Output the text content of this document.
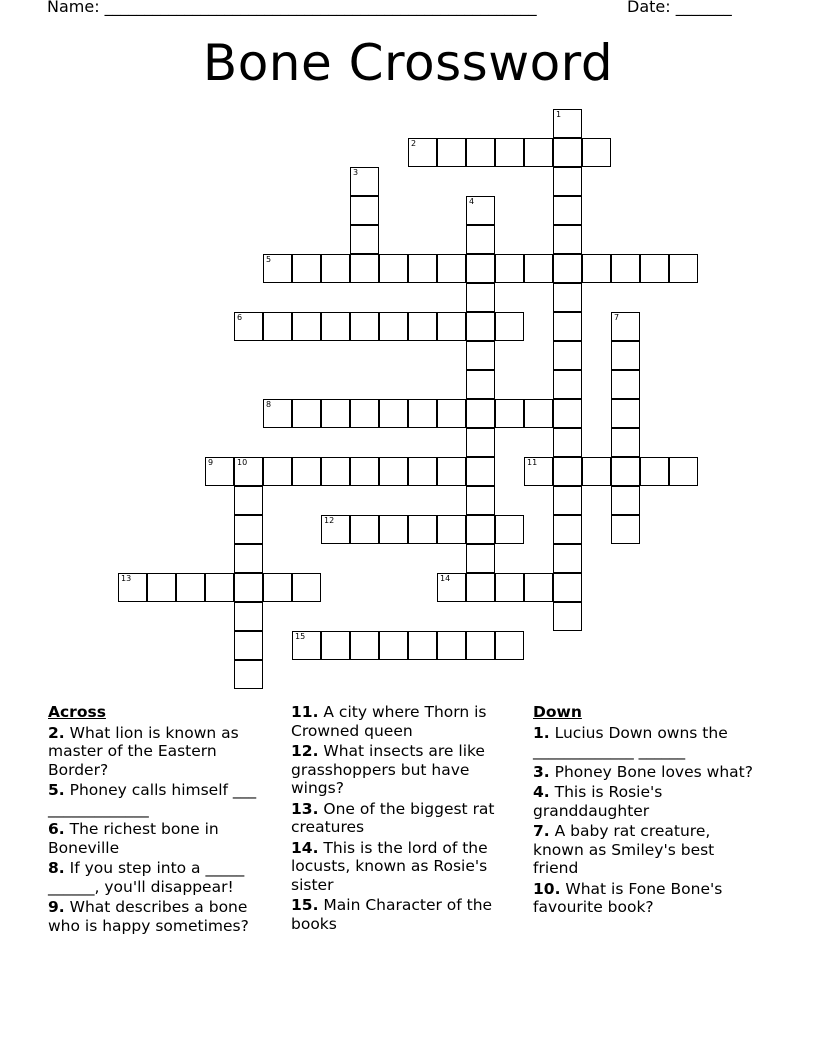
Name: ______________________________________________________	Date: _______
Bone Crossword
1
2
3
4
5
6	7
8
9	10	11
12
13	14
15
Across
2. What lion is known as master of the Eastern Border?
5. Phoney calls himself ___ _____________
6. The richest bone in Boneville
8. If you step into a _____ ______, you'll disappear!
9. What describes a bone who is happy sometimes?
11. A city where Thorn is Crowned queen
12. What insects are like grasshoppers but have wings?
13. One of the biggest rat creatures
14. This is the lord of the locusts, known as Rosie's sister
15. Main Character of the books
Down
1. Lucius Down owns the _____________ ______
3. Phoney Bone loves what?
4. This is Rosie's granddaughter
7. A baby rat creature, known as Smiley's best friend
10. What is Fone Bone's favourite book?
